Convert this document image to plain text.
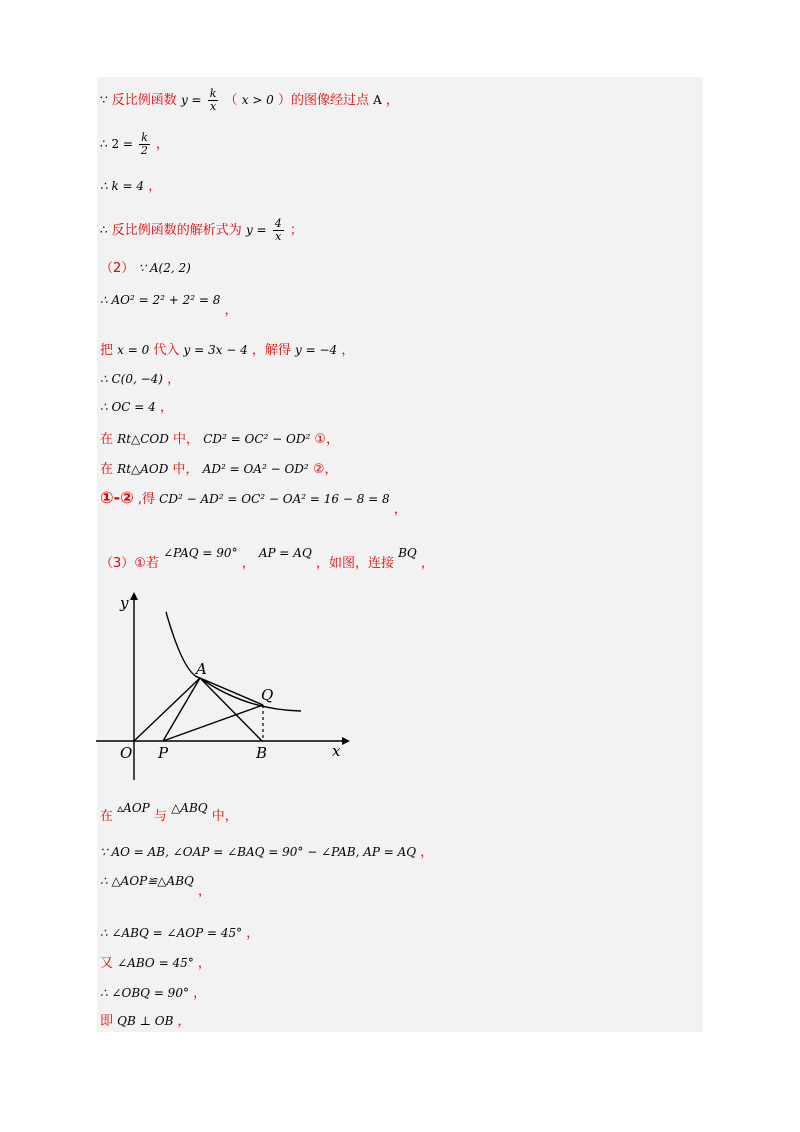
∵ 反比例函数 $y = \frac{k}{x}$ （ x > 0 ）的图像经过点 A ，
∴ $2 = \frac{k}{2}$ ，
∴ k = 4 ，
∴ 反比例函数的解析式为 $y = \frac{4}{x}$ ；
（2） ∵ A(2, 2)
∴ AO² = 2² + 2² = 8 ，
把 x = 0 代入 y = 3x − 4 ，解得 y = −4 ，
∴ C(0, −4) ，
∴ OC = 4 ，
在 Rt△COD 中， CD² = OC² − OD² ①，
在 Rt△AOD 中， AD² = OA² − OD² ②，
①-② ,得 CD² − AD² = OC² − OA² = 16 − 8 = 8 ，
（3）①若 ∠PAQ = 90° ， AP = AQ ，如图，连接 BQ ，
y
x
O P	B
A
Q
在 ▵AOP 与 △ABQ 中，
∵ AO = AB, ∠OAP = ∠BAQ = 90° − ∠PAB, AP = AQ ，
∴ △AOP≌△ABQ ，
∴ ∠ABQ = ∠AOP = 45° ，
又 ∠ABO = 45° ，
∴ ∠OBQ = 90° ，
即 QB ⊥ OB ，
